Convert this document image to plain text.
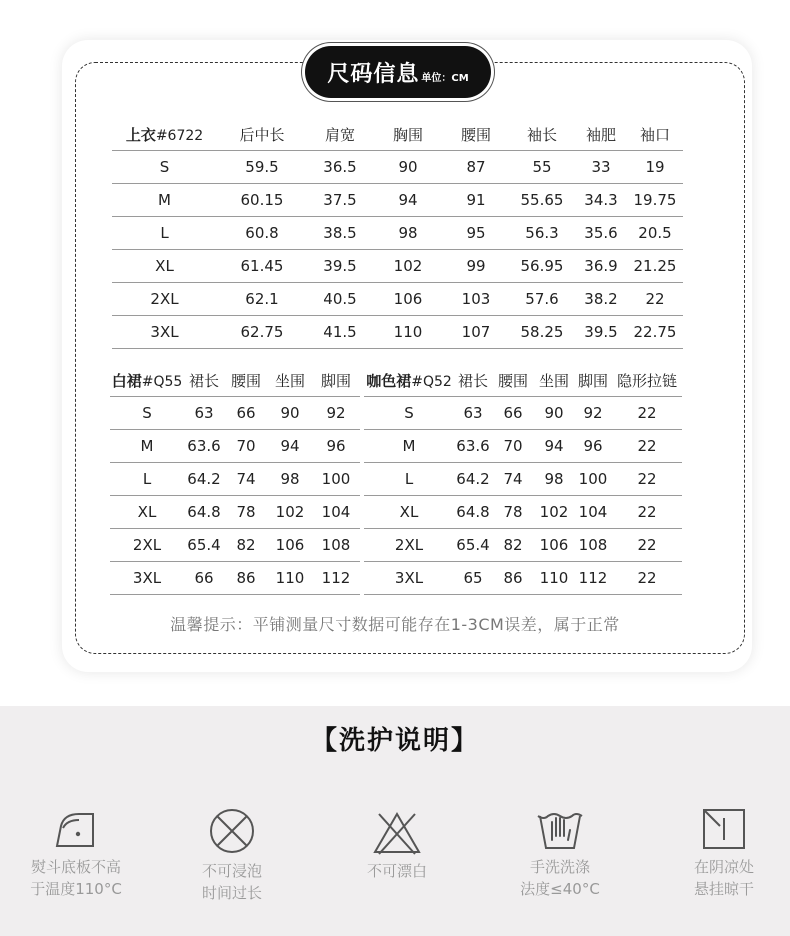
尺码信息 单位：CM
上衣#6722	后中长	肩宽	胸围	腰围	袖长	袖肥	袖口
S	59.5	36.5	90	87	55	33	19
M	60.15	37.5	94	91	55.65	34.3	19.75
L	60.8	38.5	98	95	56.3	35.6	20.5
XL	61.45	39.5	102	99	56.95	36.9	21.25
2XL	62.1	40.5	106	103	57.6	38.2	22
3XL	62.75	41.5	110	107	58.25	39.5	22.75
白裙#Q55	裙长	腰围	坐围	脚围
S	63	66	90	92
M	63.6	70	94	96
L	64.2	74	98	100
XL	64.8	78	102	104
2XL	65.4	82	106	108
3XL	66	86	110	112
咖色裙#Q52	裙长	腰围	坐围	脚围	隐形拉链
S	63	66	90	92	22
M	63.6	70	94	96	22
L	64.2	74	98	100	22
XL	64.8	78	102	104	22
2XL	65.4	82	106	108	22
3XL	65	86	110	112	22
温馨提示：平铺测量尺寸数据可能存在1-3CM误差，属于正常
【洗护说明】
熨斗底板不高
于温度110°C
不可浸泡
时间过长
不可漂白	手洗洗涤
法度≤40°C
在阴凉处
悬挂晾干
